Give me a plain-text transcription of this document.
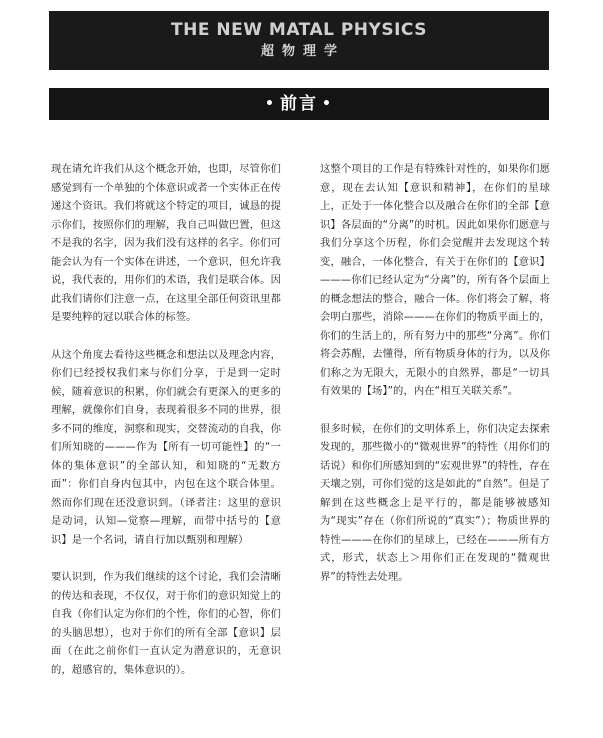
THE NEW MATAL PHYSICS
超物理学
• 前言 •

现在请允许我们从这个概念开始，也即，尽管你们感觉到有一个单独的个体意识或者一个实体正在传递这个资讯。我们将就这个特定的项目，诚恳的提示你们，按照你们的理解，我自己叫做巴置，但这不是我的名字，因为我们没有这样的名字。你们可能会认为有一个实体在讲述，一个意识，但允许我说，我代表的，用你们的术语，我们是联合体。因此我们请你们注意一点，在这里全部任何资讯里都是要纯粹的冠以联合体的标签。

从这个角度去看待这些概念和想法以及理念内容，你们已经授权我们来与你们分享，于是到一定时候，随着意识的积累，你们就会有更深入的更多的理解，就像你们自身，表现着很多不同的世界，很多不同的维度，洞察和现实，交替流动的自我，你们所知晓的———作为【所有一切可能性】的“一体的集体意识”的全部认知，和知晓的“无数方面”：你们自身内包其中，内包在这个联合体里。然而你们现在还没意识到。（译者注：这里的意识是动词，认知—觉察—理解，而带中括号的【意识】是一个名词，请自行加以甄别和理解）

要认识到，作为我们继续的这个讨论，我们会清晰的传达和表现，不仅仅，对于你们的意识知觉上的自我（你们认定为你们的个性，你们的心智，你们的头脑思想），也对于你们的所有全部【意识】层面（在此之前你们一直认定为潜意识的，无意识的，超感官的，集体意识的）。

这整个项目的工作是有特殊针对性的，如果你们愿意，现在去认知【意识和精神】，在你们的星球上，正处于一体化整合以及融合在你们的全部【意识】各层面的“分离”的时机。因此如果你们愿意与我们分享这个历程，你们会觉醒并去发现这个转变，融合，一体化整合，有关于在你们的【意识】———你们已经认定为“分离”的，所有各个层面上的概念想法的整合，融合一体。你们将会了解，将会明白那些，消除———在你们的物质平面上的，你们的生活上的，所有努力中的那些“分离”。你们将会苏醒，去懂得，所有物质身体的行为，以及你们称之为无限大，无限小的自然界，都是“一切具有效果的【场】”的，内在“相互关联关系”。

很多时候，在你们的文明体系上，你们决定去探索发现的，那些微小的“微观世界”的特性（用你们的话说）和你们所感知到的“宏观世界”的特性，存在天壤之别，可你们觉的这是如此的“自然”。但是了解到在这些概念上是平行的，都是能够被感知为“现实”存在（你们所说的“真实”）；物质世界的特性———在你们的星球上，已经在———所有方式，形式，状态上＞用你们正在发现的“微观世界”的特性去处理。
